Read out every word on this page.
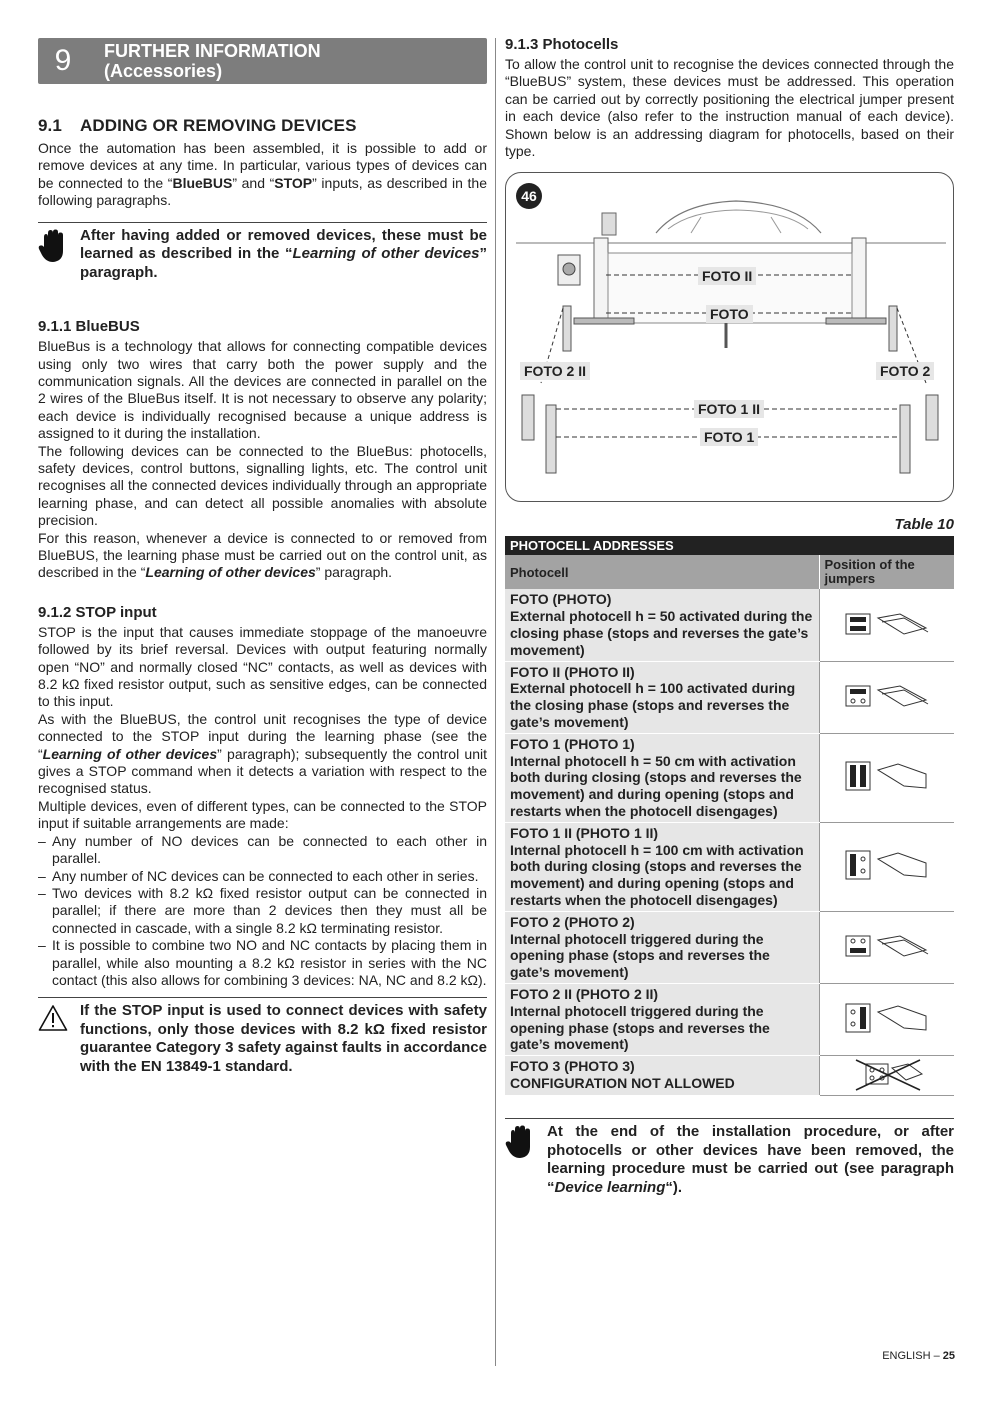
9	FURTHER INFORMATION
(Accessories)
9.1 ADDING OR REMOVING DEVICES

Once the automation has been assembled, it is possible to add or remove devices at any time. In particular, various types of devices can be connected to the “BlueBUS” and “STOP” inputs, as described in the following paragraphs.

After having added or removed devices, these must be learned as described in the “Learning of other devices” paragraph.
9.1.1 BlueBUS

BlueBus is a technology that allows for connecting compatible devices using only two wires that carry both the power supply and the communication signals. All the devices are connected in parallel on the 2 wires of the BlueBus itself. It is not necessary to observe any polarity; each device is individually recognised because a unique address is assigned to it during the installation.

The following devices can be connected to the BlueBus: photocells, safety devices, control buttons, signalling lights, etc. The control unit recognises all the connected devices individually through an appropriate learning phase, and can detect all possible anomalies with absolute precision.

For this reason, whenever a device is connected to or removed from BlueBUS, the learning phase must be carried out on the control unit, as described in the “Learning of other devices” paragraph.

9.1.2 STOP input

STOP is the input that causes immediate stoppage of the manoeuvre followed by its brief reversal. Devices with output featuring normally open “NO” and normally closed “NC” contacts, as well as devices with 8.2 kΩ fixed resistor output, such as sensitive edges, can be connected to this input.

As with the BlueBUS, the control unit recognises the type of device connected to the STOP input during the learning phase (see the “Learning of other devices” paragraph); subsequently the control unit gives a STOP command when it detects a variation with respect to the recognised status.

Multiple devices, even of different types, can be connected to the STOP input if suitable arrangements are made:

– Any number of NO devices can be connected to each other in parallel.
– Any number of NC devices can be connected to each other in series.
– Two devices with 8.2 kΩ fixed resistor output can be connected in parallel; if there are more than 2 devices then they must all be connected in cascade, with a single 8.2 kΩ terminating resistor.
– It is possible to combine two NO and NC contacts by placing them in parallel, while also mounting a 8.2 kΩ resistor in series with the NC contact (this also allows for combining 3 devices: NA, NC and 8.2 kΩ).
If the STOP input is used to connect devices with safety functions, only those devices with 8.2 kΩ fixed resistor guarantee Category 3 safety against faults in accordance with the EN 13849-1 standard.
9.1.3 Photocells

To allow the control unit to recognise the devices connected through the “BlueBUS” system, these devices must be addressed. This operation can be carried out by correctly positioning the electrical jumper present in each device (also refer to the instruction manual of each device). Shown below is an addressing diagram for photocells, based on their type.

46
FOTO II
FOTO
FOTO 2 II	FOTO 2
FOTO 1 II
FOTO 1
Table 10
PHOTOCELL ADDRESSES	
Photocell	Position of the jumpers

FOTO (PHOTO)
External photocell h = 50 activated during the closing phase (stops and reverses the gate’s movement)

FOTO II (PHOTO II)
External photocell h = 100 activated during the closing phase (stops and reverses the gate’s movement)

FOTO 1 (PHOTO 1)
Internal photocell h = 50 cm with activation both during closing (stops and reverses the movement) and during opening (stops and restarts when the photocell disengages)

FOTO 1 II (PHOTO 1 II)
Internal photocell h = 100 cm with activation both during closing (stops and reverses the movement) and during opening (stops and restarts when the photocell disengages)

FOTO 2 (PHOTO 2)
Internal photocell triggered during the opening phase (stops and reverses the gate’s movement)

FOTO 2 II (PHOTO 2 II)
Internal photocell triggered during the opening phase (stops and reverses the gate’s movement)

FOTO 3 (PHOTO 3)
CONFIGURATION NOT ALLOWED

At the end of the installation procedure, or after photocells or other devices have been removed, the learning procedure must be carried out (see paragraph “Device learning“).
ENGLISH – 25
